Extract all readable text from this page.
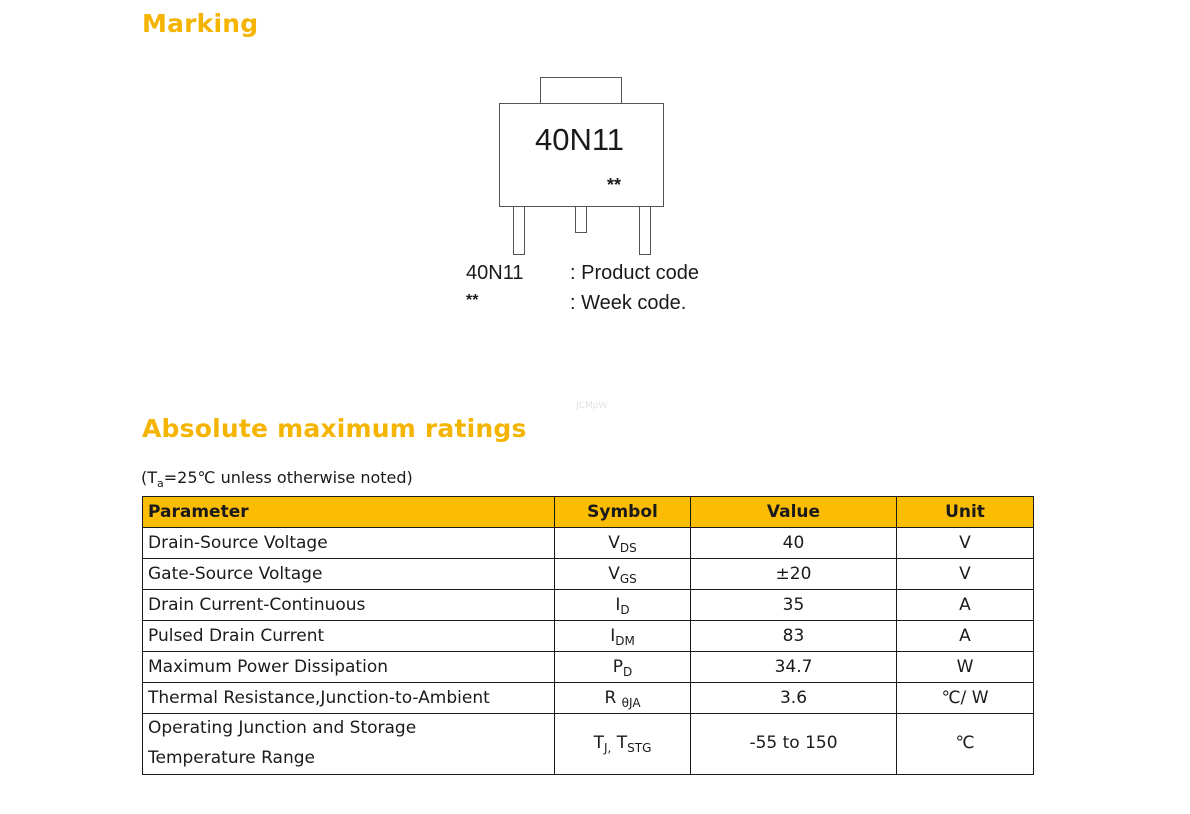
Marking
40N11
**
40N11 : Product code
**	: Week code.
JCMpW
Absolute maximum ratings
($T_a=25℃$ unless otherwise noted)
Parameter	Symbol	Value	Unit
Drain-Source Voltage	$V_{DS}$	40	V
Gate-Source Voltage	$V_{GS}$	±20	V
Drain Current-Continuous	$I_D$	35	A
Pulsed Drain Current	$I_{DM}$	83	A
Maximum Power Dissipation	$P_D$	34.7	W
Thermal Resistance,Junction-to-Ambient	R $_{\theta JA}$	3.6	℃/ W
Operating Junction and Storage
Temperature Range	$T_{J,}$ $T_{STG}$	-55 to 150	℃
